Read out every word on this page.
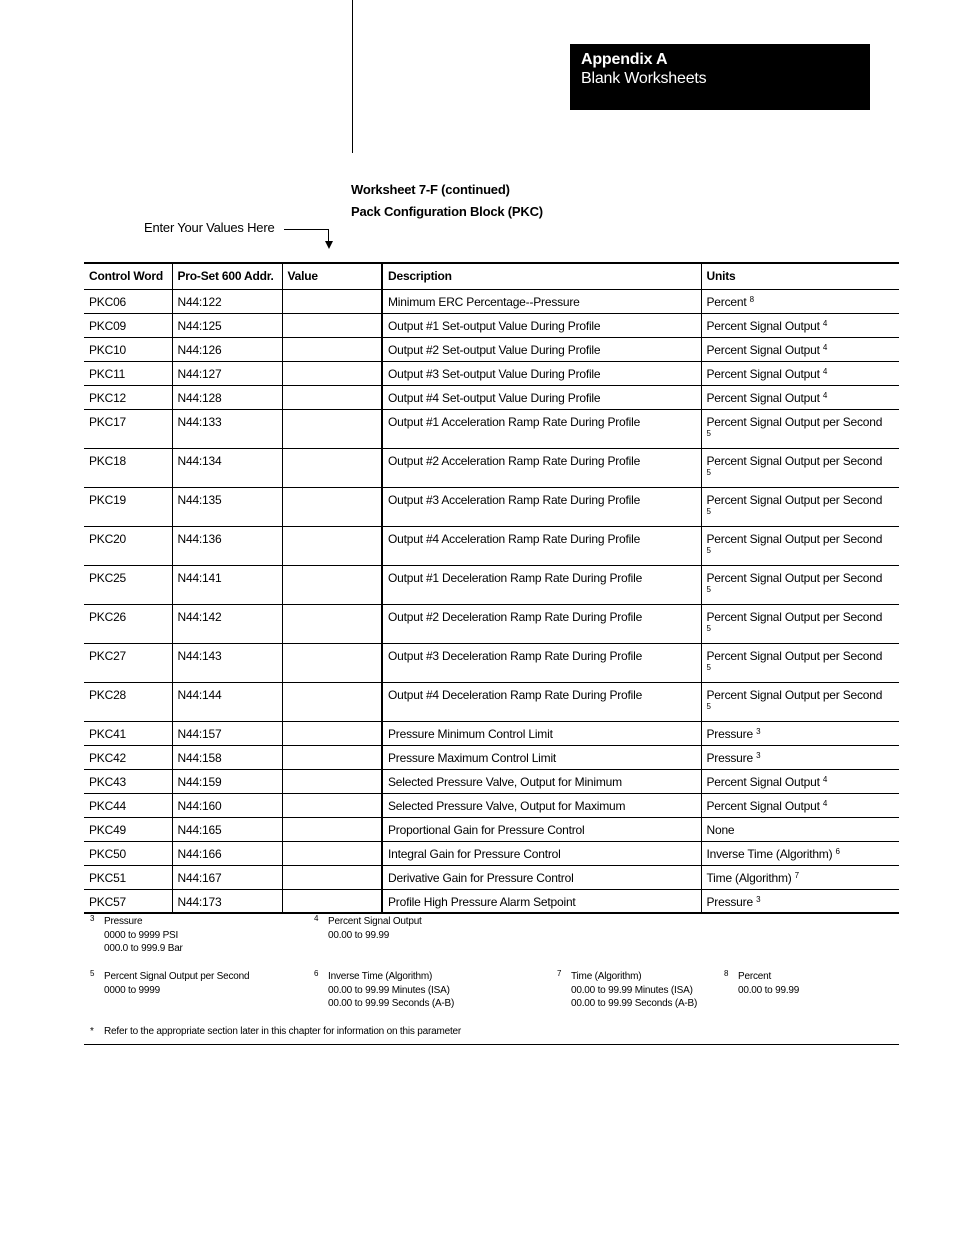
Appendix A
Blank Worksheets
Worksheet 7-F (continued)
Pack Configuration Block (PKC)
Enter Your Values Here
Control Word	Pro-Set 600 Addr.	Value	Description	Units
PKC06	N44:122		Minimum ERC Percentage--Pressure	Percent $^8$
PKC09	N44:125		Output #1 Set-output Value During Profile	Percent Signal Output $^4$
PKC10	N44:126		Output #2 Set-output Value During Profile	Percent Signal Output $^4$
PKC11	N44:127		Output #3 Set-output Value During Profile	Percent Signal Output $^4$
PKC12	N44:128		Output #4 Set-output Value During Profile	Percent Signal Output $^4$
PKC17	N44:133		Output #1 Acceleration Ramp Rate During Profile	Percent Signal Output per Second
5

PKC18	N44:134		Output #2 Acceleration Ramp Rate During Profile	Percent Signal Output per Second
5

PKC19	N44:135		Output #3 Acceleration Ramp Rate During Profile	Percent Signal Output per Second
5

PKC20	N44:136		Output #4 Acceleration Ramp Rate During Profile	Percent Signal Output per Second
5

PKC25	N44:141		Output #1 Deceleration Ramp Rate During Profile	Percent Signal Output per Second
5

PKC26	N44:142		Output #2 Deceleration Ramp Rate During Profile	Percent Signal Output per Second
5

PKC27	N44:143		Output #3 Deceleration Ramp Rate During Profile	Percent Signal Output per Second
5

PKC28	N44:144		Output #4 Deceleration Ramp Rate During Profile	Percent Signal Output per Second
5

PKC41	N44:157		Pressure Minimum Control Limit	Pressure $^3$
PKC42	N44:158		Pressure Maximum Control Limit	Pressure $^3$
PKC43	N44:159		Selected Pressure Valve, Output for Minimum	Percent Signal Output $^4$
PKC44	N44:160		Selected Pressure Valve, Output for Maximum	Percent Signal Output $^4$
PKC49	N44:165		Proportional Gain for Pressure Control	None
PKC50	N44:166		Integral Gain for Pressure Control	Inverse Time (Algorithm) $^6$
PKC51	N44:167		Derivative Gain for Pressure Control	Time (Algorithm) $^7$
PKC57	N44:173		Profile High Pressure Alarm Setpoint	Pressure $^3$
3 Pressure
0000 to 9999 PSI
000.0 to 999.9 Bar
4 Percent Signal Output
00.00 to 99.99
5 Percent Signal Output per Second
0000 to 9999
6 Inverse Time (Algorithm)
00.00 to 99.99 Minutes (ISA)
00.00 to 99.99 Seconds (A-B)
7 Time (Algorithm)
00.00 to 99.99 Minutes (ISA)
00.00 to 99.99 Seconds (A-B)
8 Percent
00.00 to 99.99
* Refer to the appropriate section later in this chapter for information on this parameter
